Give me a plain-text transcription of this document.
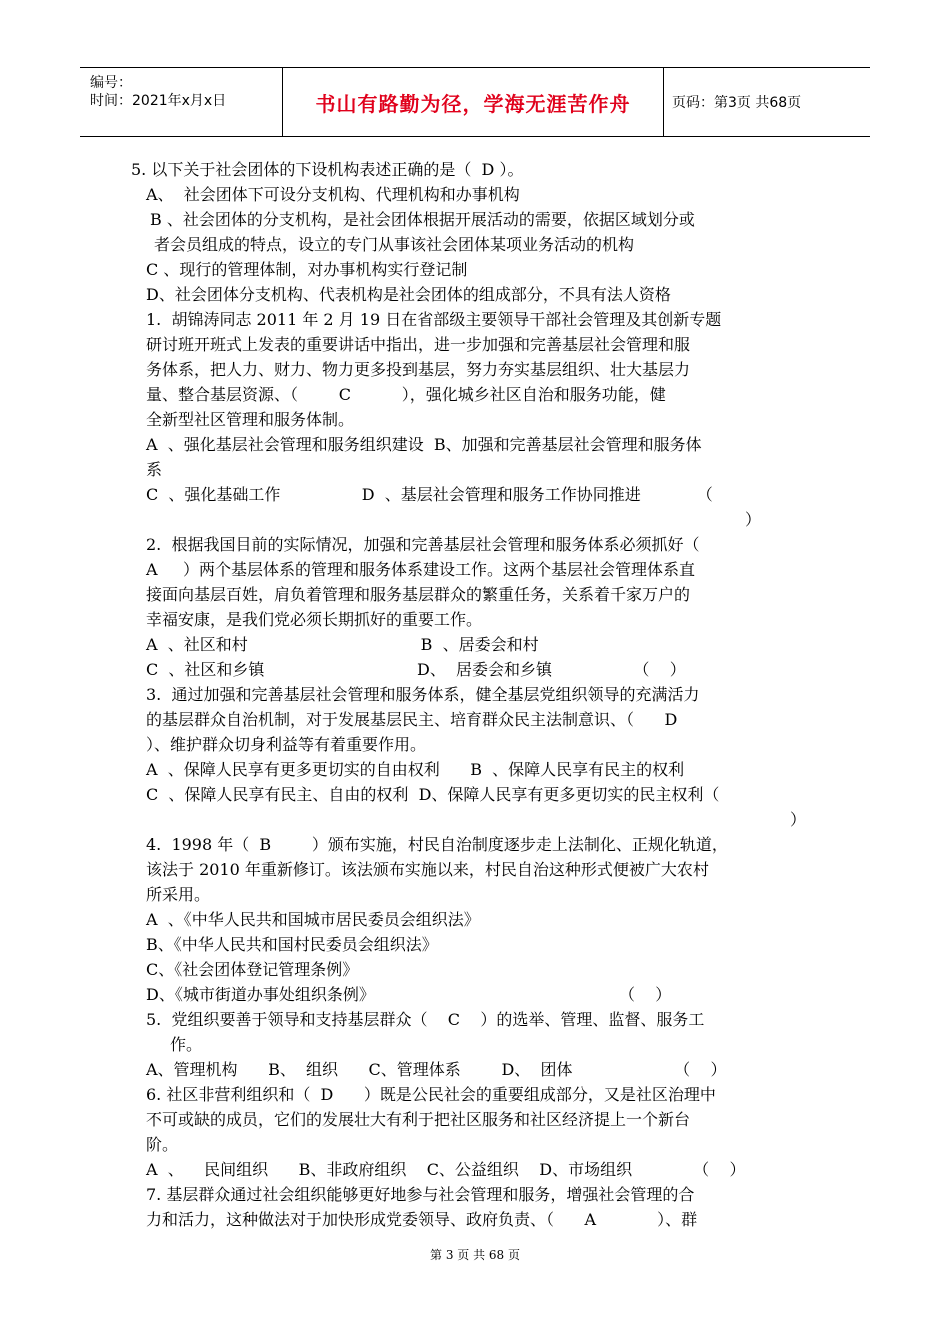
编号：
时间：2021年x月x日	书山有路勤为径，学海无涯苦作舟	页码：第3页 共68页
5. 以下关于社会团体的下设机构表述正确的是（  D ）。
A、  社会团体下可设分支机构、代理机构和办事机构
B 、社会团体的分支机构，是社会团体根据开展活动的需要，依据区域划分或
者会员组成的特点，设立的专门从事该社会团体某项业务活动的机构
C 、现行的管理体制，对办事机构实行登记制
D、社会团体分支机构、代表机构是社会团体的组成部分，不具有法人资格
1.  胡锦涛同志 2011 年 2 月 19 日在省部级主要领导干部社会管理及其创新专题
研讨班开班式上发表的重要讲话中指出，进一步加强和完善基层社会管理和服
务体系，把人力、财力、物力更多投到基层，努力夯实基层组织、壮大基层力
量、整合基层资源、（        C          ），强化城乡社区自治和服务功能，健
全新型社区管理和服务体制。
A  、强化基层社会管理和服务组织建设  B、加强和完善基层社会管理和服务体
系
C  、强化基础工作                D  、基层社会管理和服务工作协同推进           （
）
2.  根据我国目前的实际情况，加强和完善基层社会管理和服务体系必须抓好（
A     ）两个基层体系的管理和服务体系建设工作。这两个基层社会管理体系直
接面向基层百姓，肩负着管理和服务基层群众的繁重任务，关系着千家万户的
幸福安康，是我们党必须长期抓好的重要工作。
A  、社区和村                                  B  、居委会和村
C  、社区和乡镇                              D、  居委会和乡镇                （    ）
3.  通过加强和完善基层社会管理和服务体系，健全基层党组织领导的充满活力
的基层群众自治机制，对于发展基层民主、培育群众民主法制意识、（      D
）、维护群众切身利益等有着重要作用。
A  、保障人民享有更多更切实的自由权利      B  、保障人民享有民主的权利
C  、保障人民享有民主、自由的权利  D、保障人民享有更多更切实的民主权利（
）
4.  1998 年（  B        ）颁布实施，村民自治制度逐步走上法制化、正规化轨道，
该法于 2010 年重新修订。该法颁布实施以来，村民自治这种形式便被广大农村
所采用。
A  、《中华人民共和国城市居民委员会组织法》
B、《中华人民共和国村民委员会组织法》
C、《社会团体登记管理条例》
D、《城市街道办事处组织条例》                                                （    ）
5.  党组织要善于领导和支持基层群众（    C    ）的选举、管理、监督、服务工
作。
A、管理机构      B、  组织      C、管理体系        D、  团体                    （    ）
6. 社区非营利组织和（  D      ）既是公民社会的重要组成部分，又是社区治理中
不可或缺的成员，它们的发展壮大有利于把社区服务和社区经济提上一个新台
阶。
A  、    民间组织      B、非政府组织    C、公益组织    D、市场组织            （    ）
7. 基层群众通过社会组织能够更好地参与社会管理和服务，增强社会管理的合
力和活力，这种做法对于加快形成党委领导、政府负责、（      A            ）、群
第 3 页 共 68 页
